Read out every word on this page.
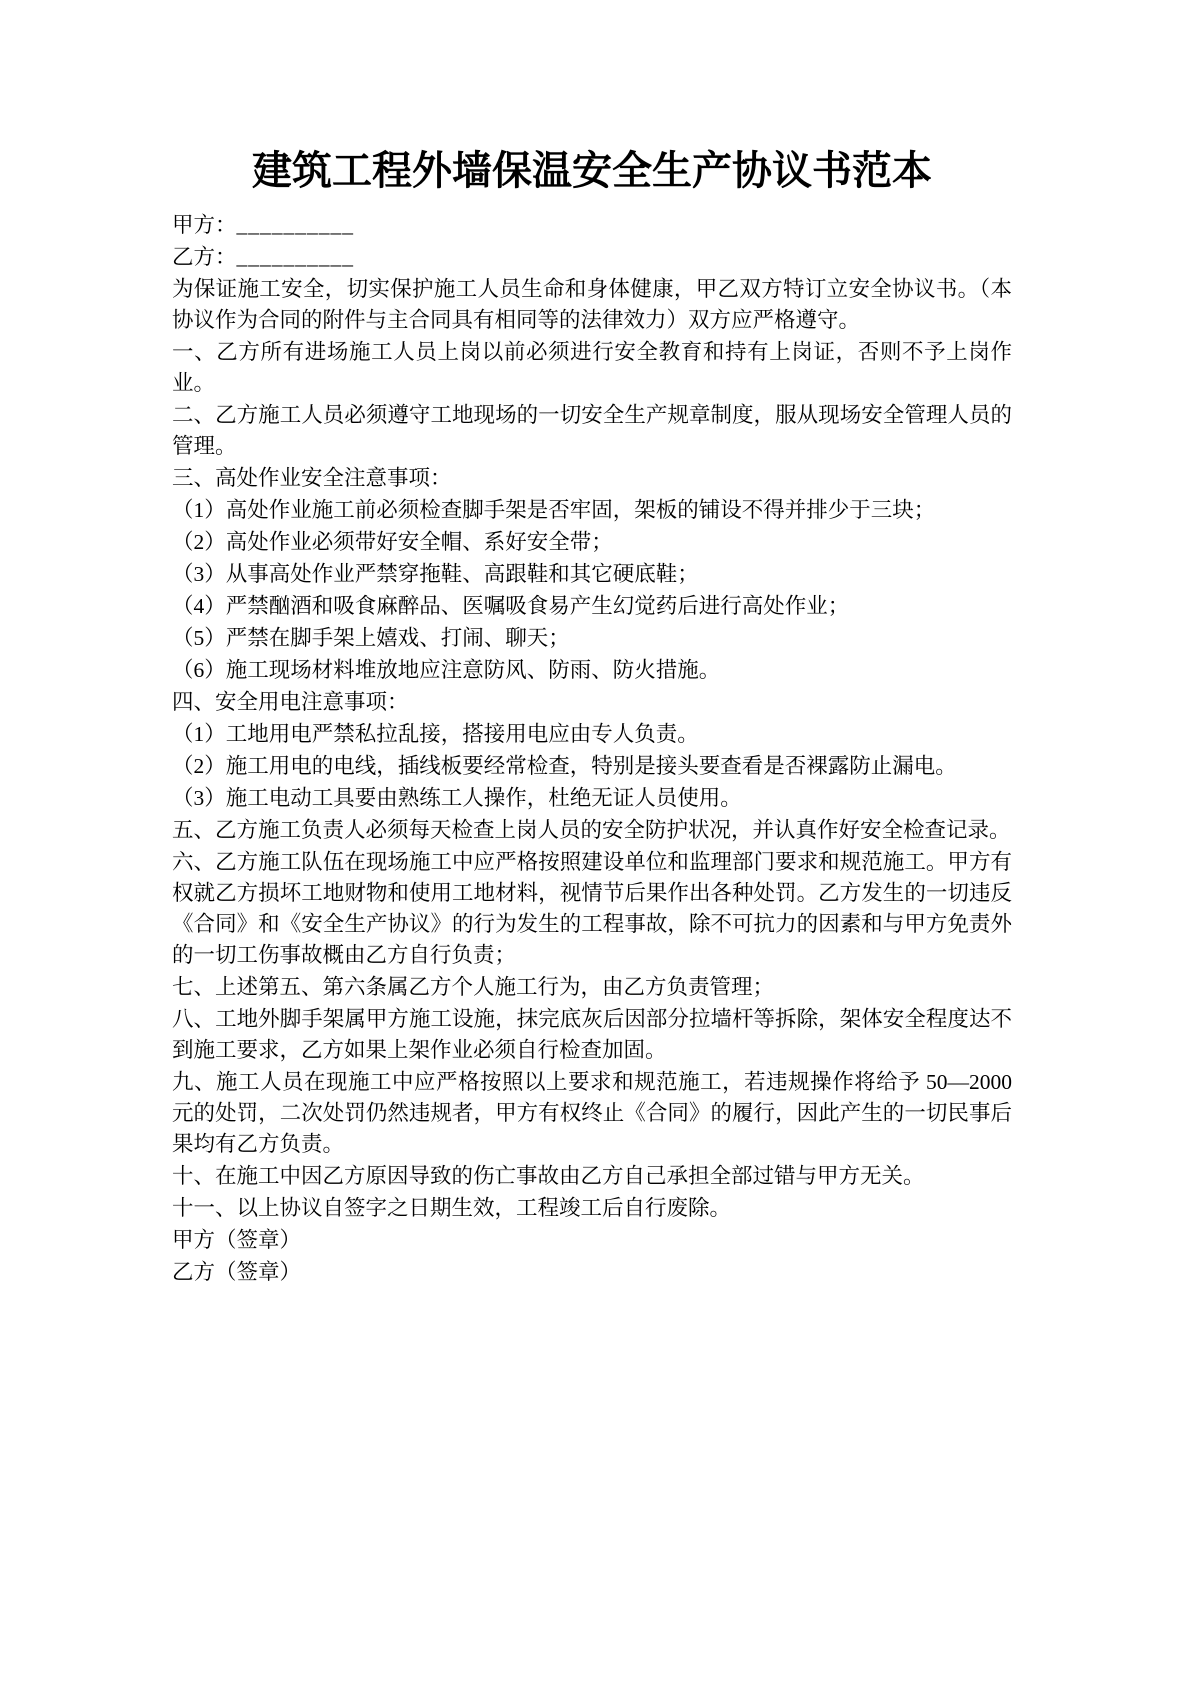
建筑工程外墙保温安全生产协议书范本
甲方：__________
乙方：__________

为保证施工安全，切实保护施工人员生命和身体健康，甲乙双方特订立安全协议书。（本协议作为合同的附件与主合同具有相同等的法律效力）双方应严格遵守。

一、乙方所有进场施工人员上岗以前必须进行安全教育和持有上岗证，否则不予上岗作业。

二、乙方施工人员必须遵守工地现场的一切安全生产规章制度，服从现场安全管理人员的管理。

三、高处作业安全注意事项：

（1）高处作业施工前必须检查脚手架是否牢固，架板的铺设不得并排少于三块；

（2）高处作业必须带好安全帽、系好安全带；

（3）从事高处作业严禁穿拖鞋、高跟鞋和其它硬底鞋；

（4）严禁酗酒和吸食麻醉品、医嘱吸食易产生幻觉药后进行高处作业；

（5）严禁在脚手架上嬉戏、打闹、聊天；

（6）施工现场材料堆放地应注意防风、防雨、防火措施。

四、安全用电注意事项：

（1）工地用电严禁私拉乱接，搭接用电应由专人负责。

（2）施工用电的电线，插线板要经常检查，特别是接头要查看是否裸露防止漏电。

（3）施工电动工具要由熟练工人操作，杜绝无证人员使用。

五、乙方施工负责人必须每天检查上岗人员的安全防护状况，并认真作好安全检查记录。

六、乙方施工队伍在现场施工中应严格按照建设单位和监理部门要求和规范施工。甲方有权就乙方损坏工地财物和使用工地材料，视情节后果作出各种处罚。乙方发生的一切违反《合同》和《安全生产协议》的行为发生的工程事故，除不可抗力的因素和与甲方免责外的一切工伤事故概由乙方自行负责；

七、上述第五、第六条属乙方个人施工行为，由乙方负责管理；

八、工地外脚手架属甲方施工设施，抹完底灰后因部分拉墙杆等拆除，架体安全程度达不到施工要求，乙方如果上架作业必须自行检查加固。

九、施工人员在现施工中应严格按照以上要求和规范施工，若违规操作将给予 50—2000 元的处罚，二次处罚仍然违规者，甲方有权终止《合同》的履行，因此产生的一切民事后果均有乙方负责。

十、在施工中因乙方原因导致的伤亡事故由乙方自己承担全部过错与甲方无关。

十一、以上协议自签字之日期生效，工程竣工后自行废除。

甲方（签章）

乙方（签章）
